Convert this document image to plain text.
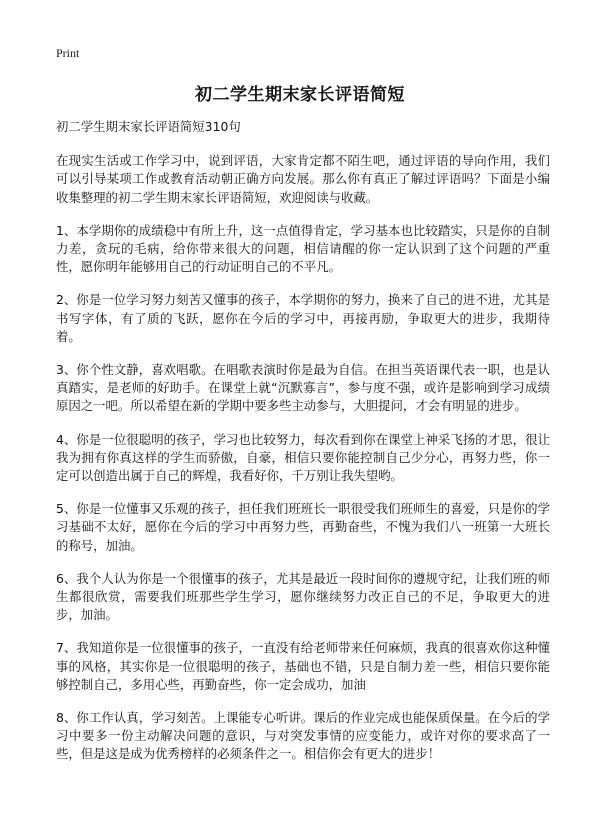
Print
初二学生期末家长评语简短

初二学生期末家长评语简短310句

在现实生活或工作学习中，说到评语，大家肯定都不陌生吧，通过评语的导向作用，我们可以引导某项工作或教育活动朝正确方向发展。那么你有真正了解过评语吗？下面是小编收集整理的初二学生期末家长评语简短，欢迎阅读与收藏。

1、本学期你的成绩稳中有所上升，这一点值得肯定，学习基本也比较踏实，只是你的自制力差，贪玩的毛病，给你带来很大的问题，相信请醒的你一定认识到了这个问题的严重性，愿你明年能够用自己的行动证明自己的不平凡。

2、你是一位学习努力刻苦又懂事的孩子，本学期你的努力，换来了自己的进不进，尤其是书写字体，有了质的飞跃，愿你在今后的学习中，再接再励，争取更大的进步，我期待着。

3、你个性文静，喜欢唱歌。在唱歌表演时你是最为自信。在担当英语课代表一职，也是认真踏实，是老师的好助手。在课堂上就“沉默寡言”，参与度不强，或许是影响到学习成绩原因之一吧。所以希望在新的学期中要多些主动参与，大胆提问，才会有明显的进步。

4、你是一位很聪明的孩子，学习也比较努力，每次看到你在课堂上神采飞扬的才思，很让我为拥有你真这样的学生而骄傲，自豪，相信只要你能控制自己少分心，再努力些，你一定可以创造出属于自己的辉煌，我看好你，千万别让我失望哟。

5、你是一位懂事又乐观的孩子，担任我们班班长一职很受我们班师生的喜爱，只是你的学习基础不太好，愿你在今后的学习中再努力些，再勤奋些，不愧为我们八一班第一大班长的称号，加油。

6、我个人认为你是一个很懂事的孩子，尤其是最近一段时间你的遵规守纪，让我们班的师生都很欣赏，需要我们班那些学生学习，愿你继续努力改正自己的不足，争取更大的进步，加油。

7、我知道你是一位很懂事的孩子，一直没有给老师带来任何麻烦，我真的很喜欢你这种懂事的风格，其实你是一位很聪明的孩子，基础也不错，只是自制力差一些，相信只要你能够控制自己，多用心些，再勤奋些，你一定会成功，加油

8、你工作认真，学习刻苦。上课能专心听讲。课后的作业完成也能保质保量。在今后的学习中要多一份主动解决问题的意识，与对突发事情的应变能力，或许对你的要求高了一些，但是这是成为优秀榜样的必须条件之一。相信你会有更大的进步！
